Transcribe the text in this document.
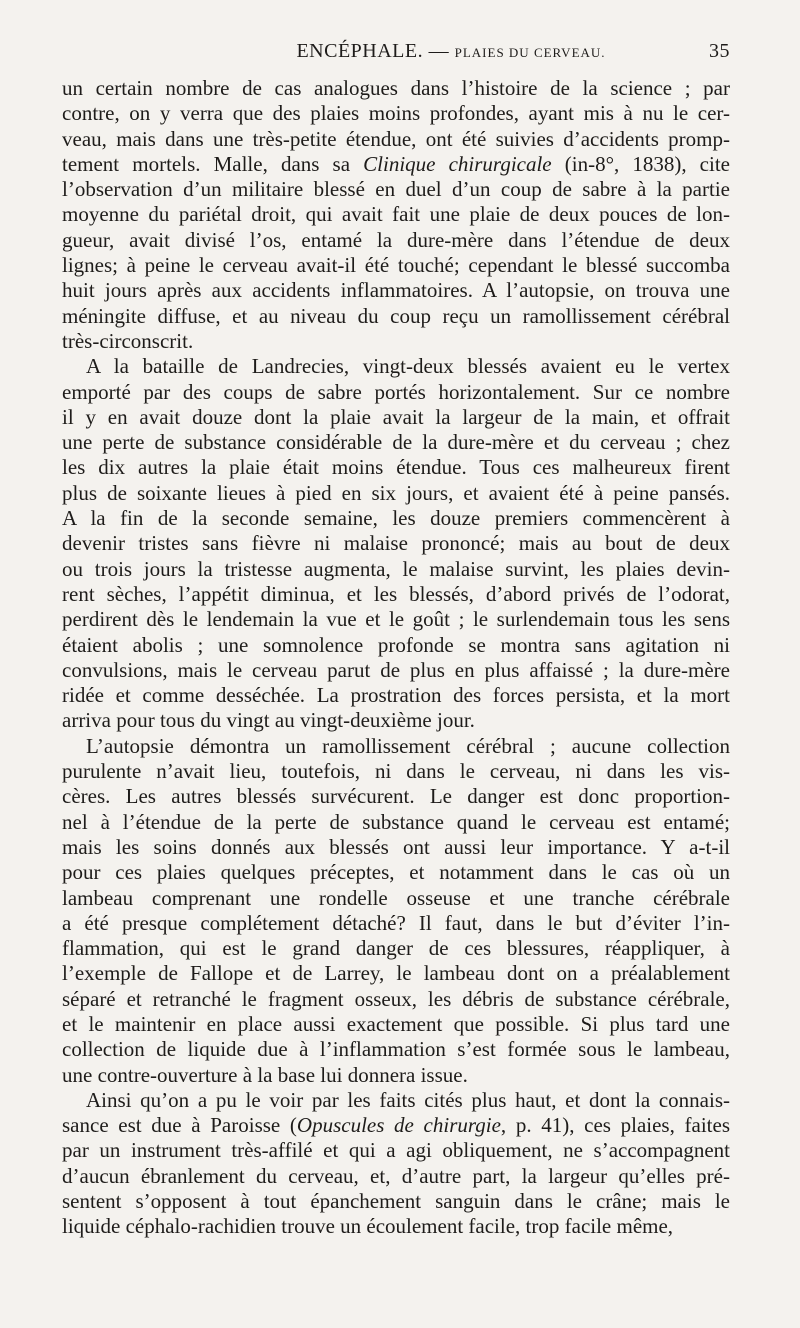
ENCÉPHALE. — PLAIES DU CERVEAU.	35

un certain nombre de cas analogues dans l’histoire de la science ; par
contre, on y verra que des plaies moins profondes, ayant mis à nu le cer-
veau, mais dans une très-petite étendue, ont été suivies d’accidents promp-
tement mortels. Malle, dans sa Clinique chirurgicale (in-8°, 1838), cite
l’observation d’un militaire blessé en duel d’un coup de sabre à la partie
moyenne du pariétal droit, qui avait fait une plaie de deux pouces de lon-
gueur, avait divisé l’os, entamé la dure-mère dans l’étendue de deux
lignes; à peine le cerveau avait-il été touché; cependant le blessé succomba
huit jours après aux accidents inflammatoires. A l’autopsie, on trouva une
méningite diffuse, et au niveau du coup reçu un ramollissement cérébral
très-circonscrit.

A la bataille de Landrecies, vingt-deux blessés avaient eu le vertex
emporté par des coups de sabre portés horizontalement. Sur ce nombre
il y en avait douze dont la plaie avait la largeur de la main, et offrait
une perte de substance considérable de la dure-mère et du cerveau ; chez
les dix autres la plaie était moins étendue. Tous ces malheureux firent
plus de soixante lieues à pied en six jours, et avaient été à peine pansés.
A la fin de la seconde semaine, les douze premiers commencèrent à
devenir tristes sans fièvre ni malaise prononcé; mais au bout de deux
ou trois jours la tristesse augmenta, le malaise survint, les plaies devin-
rent sèches, l’appétit diminua, et les blessés, d’abord privés de l’odorat,
perdirent dès le lendemain la vue et le goût ; le surlendemain tous les sens
étaient abolis ; une somnolence profonde se montra sans agitation ni
convulsions, mais le cerveau parut de plus en plus affaissé ; la dure-mère
ridée et comme desséchée. La prostration des forces persista, et la mort
arriva pour tous du vingt au vingt-deuxième jour.

L’autopsie démontra un ramollissement cérébral ; aucune collection
purulente n’avait lieu, toutefois, ni dans le cerveau, ni dans les vis-
cères. Les autres blessés survécurent. Le danger est donc proportion-
nel à l’étendue de la perte de substance quand le cerveau est entamé;
mais les soins donnés aux blessés ont aussi leur importance. Y a-t-il
pour ces plaies quelques préceptes, et notamment dans le cas où un
lambeau comprenant une rondelle osseuse et une tranche cérébrale
a été presque complétement détaché? Il faut, dans le but d’éviter l’in-
flammation, qui est le grand danger de ces blessures, réappliquer, à
l’exemple de Fallope et de Larrey, le lambeau dont on a préalablement
séparé et retranché le fragment osseux, les débris de substance cérébrale,
et le maintenir en place aussi exactement que possible. Si plus tard une
collection de liquide due à l’inflammation s’est formée sous le lambeau,
une contre-ouverture à la base lui donnera issue.

Ainsi qu’on a pu le voir par les faits cités plus haut, et dont la connais-
sance est due à Paroisse (Opuscules de chirurgie, p. 41), ces plaies, faites
par un instrument très-affilé et qui a agi obliquement, ne s’accompagnent
d’aucun ébranlement du cerveau, et, d’autre part, la largeur qu’elles pré-
sentent s’opposent à tout épanchement sanguin dans le crâne; mais le
liquide céphalo-rachidien trouve un écoulement facile, trop facile même,
